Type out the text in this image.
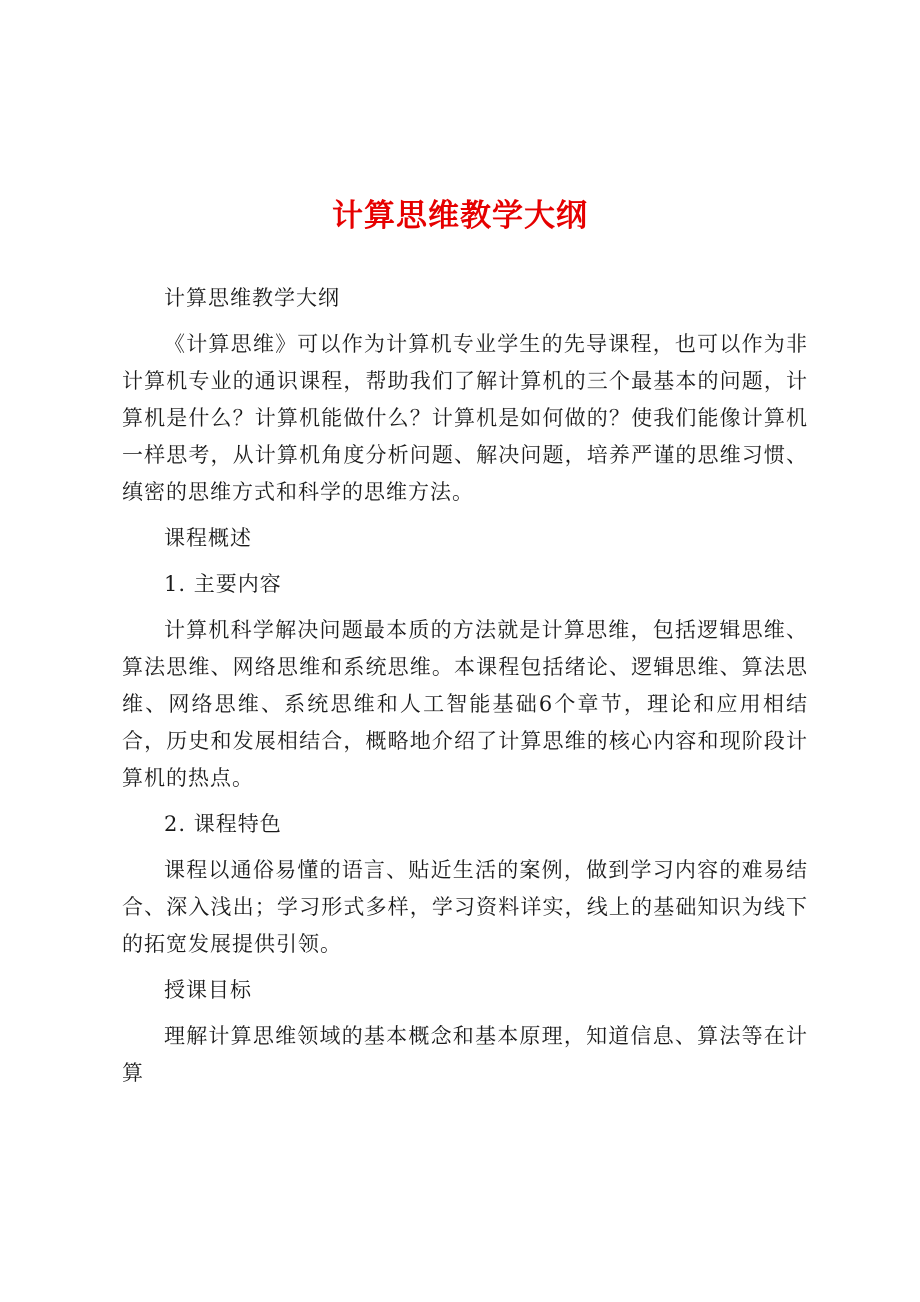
计算思维教学大纲

计算思维教学大纲

《计算思维》可以作为计算机专业学生的先导课程，也可以作为非计算机专业的通识课程，帮助我们了解计算机的三个最基本的问题，计算机是什么？计算机能做什么？计算机是如何做的？使我们能像计算机一样思考，从计算机角度分析问题、解决问题，培养严谨的思维习惯、缜密的思维方式和科学的思维方法。

课程概述

1. 主要内容

计算机科学解决问题最本质的方法就是计算思维，包括逻辑思维、算法思维、网络思维和系统思维。本课程包括绪论、逻辑思维、算法思维、网络思维、系统思维和人工智能基础6个章节，理论和应用相结合，历史和发展相结合，概略地介绍了计算思维的核心内容和现阶段计算机的热点。

2. 课程特色

课程以通俗易懂的语言、贴近生活的案例，做到学习内容的难易结合、深入浅出；学习形式多样，学习资料详实，线上的基础知识为线下的拓宽发展提供引领。

授课目标

理解计算思维领域的基本概念和基本原理，知道信息、算法等在计算
